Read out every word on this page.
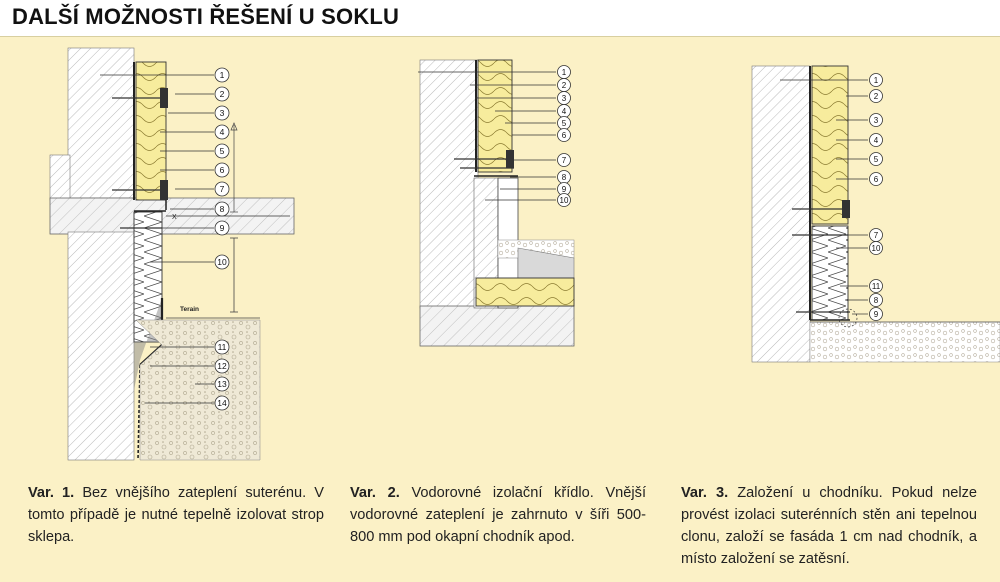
DALŠÍ MOŽNOSTI ŘEŠENÍ U SOKLU
1
2
3
4
5
6
7
8
9
10
11
12
13
14
Terain
X
1
2
3
4
5
6
7
8
9
10
1
2
3
4
5
6
7
10
11
8
9
Var. 1. Bez vnějšího zateplení suterénu. V tomto případě je nutné tepelně izolovat strop sklepa.
Var. 2. Vodorovné izolační křídlo. Vnější vodorovné zateplení je zahrnuto v šíři 500-800 mm pod okapní chodník apod.
Var. 3. Založení u chodníku. Pokud nelze provést izolaci suterénních stěn ani tepelnou clonu, založí se fasáda 1 cm nad chodník, a místo založení se zatěsní.
